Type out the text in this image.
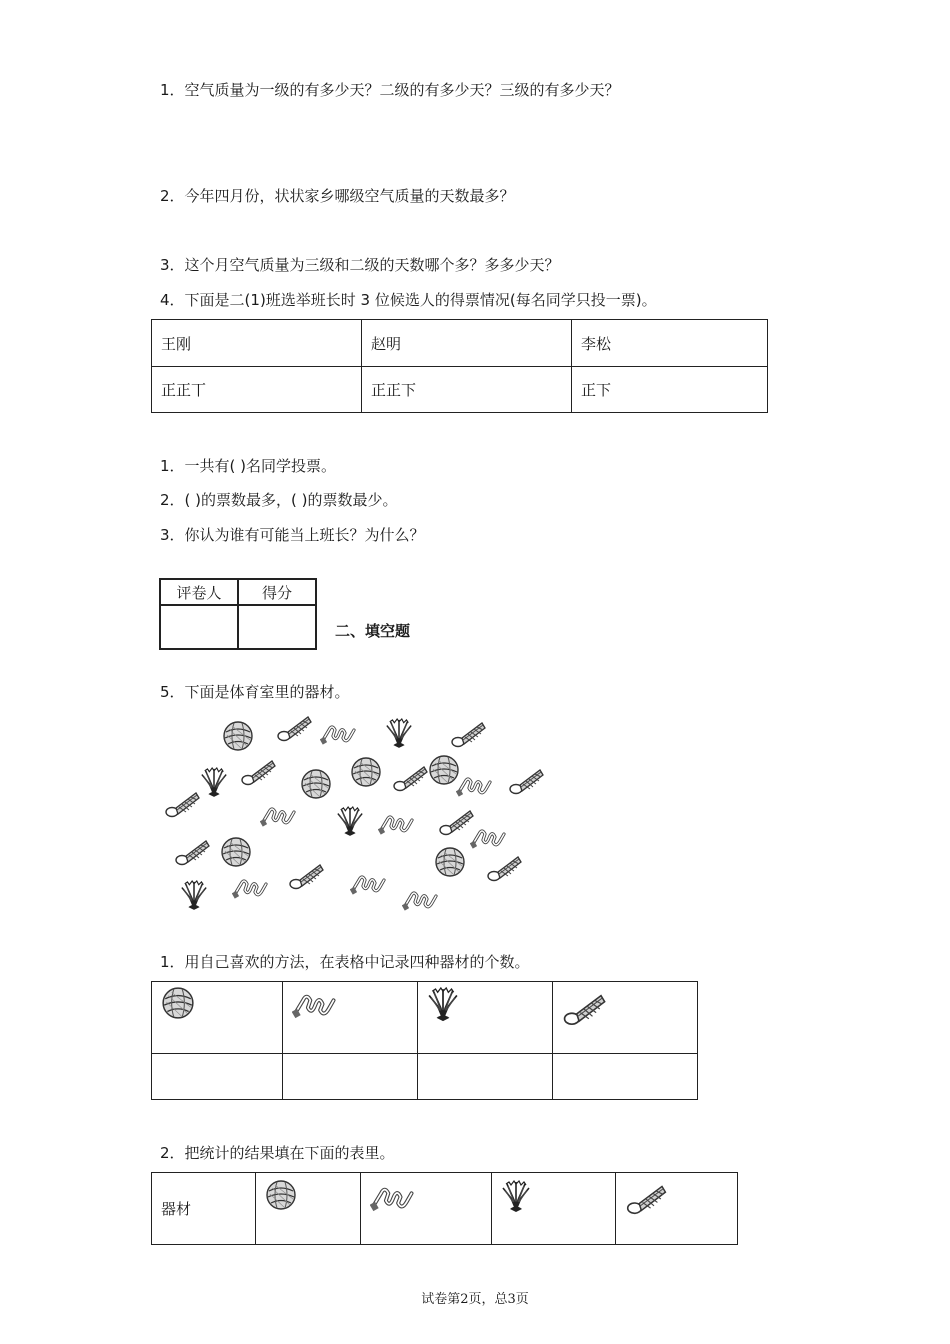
1．空气质量为一级的有多少天？二级的有多少天？三级的有多少天？
2．今年四月份，状状家乡哪级空气质量的天数最多？
3．这个月空气质量为三级和二级的天数哪个多？多多少天？
4．下面是二(1)班选举班长时 3 位候选人的得票情况(每名同学只投一票)。
王刚	赵明	李松
正正丅	正正下	正下
1．一共有( )名同学投票。
2．( )的票数最多，( )的票数最少。
3．你认为谁有可能当上班长？为什么？
评卷人	得分

二、填空题
5．下面是体育室里的器材。
1．用自己喜欢的方法，在表格中记录四种器材的个数。

2．把统计的结果填在下面的表里。
器材				
试卷第2页，总3页
